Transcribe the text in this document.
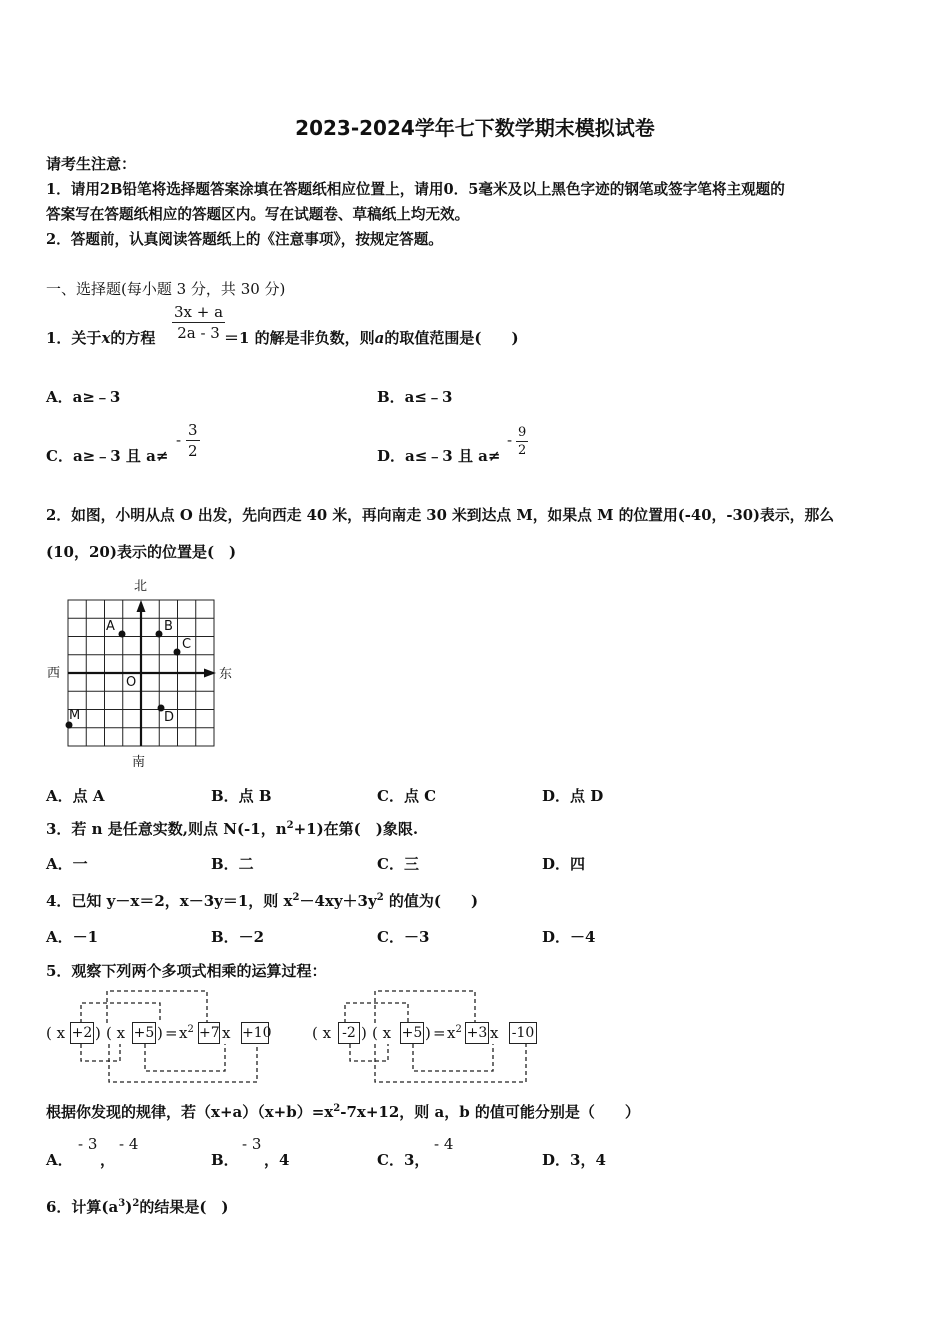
2023-2024学年七下数学期末模拟试卷
请考生注意：
1．请用2B铅笔将选择题答案涂填在答题纸相应位置上，请用0．5毫米及以上黑色字迹的钢笔或签字笔将主观题的
答案写在答题纸相应的答题区内。写在试题卷、草稿纸上均无效。
2．答题前，认真阅读答题纸上的《注意事项》，按规定答题。
一、选择题(每小题 3 分，共 30 分)
1．关于x的方程 $\frac{3x + a}{2a - 3}$
＝1 的解是非负数，则a的取值范围是(　　)
A．a≥﹣3	B．a≤﹣3
C．a≥﹣3 且 a≠
- $\frac{3}{2}$	D．a≤﹣3 且 a≠
- $\frac{9}{2}$
2．如图，小明从点 O 出发，先向西走 40 米，再向南走 30 米到达点 M，如果点 M 的位置用(-40，-30)表示，那么
(10，20)表示的位置是(　)
北
南
西	东
A	B
C
D
M
O
A．点 A	B．点 B	C．点 C	D．点 D
3．若 n 是任意实数,则点 N(-1，$n^2+1$)在第(　)象限.
A．一	B．二	C．三	D．四
4．已知 y－x＝2，x－3y＝1，则 $x^2-4xy+3y^2$ 的值为(　　)
A．－1	B．－2	C．－3	D．－4
5．观察下列两个多项式相乘的运算过程：
( x +2 ) ( x +5 ) = $x^2 +7$ x +10	( x -2 ) ( x +5 ) = $x^2 +3$ x -10
根据你发现的规律，若$(x+a)(x+b)=x^2-7x+12$，则 a，b 的值可能分别是（　　）
A．
- 3
，
- 4
B．
- 3
，4	C．3，
- 4
D．3，4
6．计算$(a^3)^2$的结果是(　)
